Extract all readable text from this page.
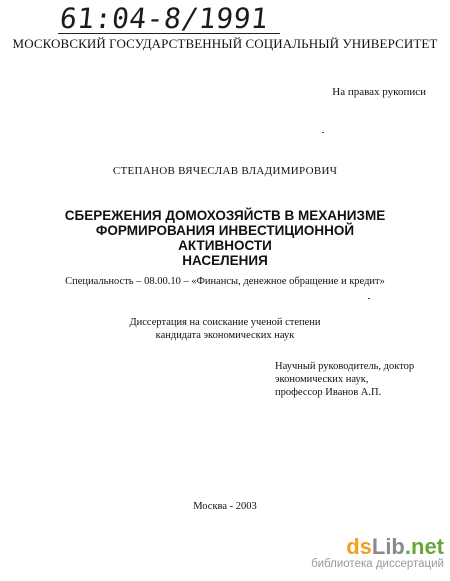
61:04-8/1991
МОСКОВСКИЙ ГОСУДАРСТВЕННЫЙ СОЦИАЛЬНЫЙ УНИВЕРСИТЕТ
На правах рукописи
СТЕПАНОВ ВЯЧЕСЛАВ ВЛАДИМИРОВИЧ
СБЕРЕЖЕНИЯ ДОМОХОЗЯЙСТВ В МЕХАНИЗМЕ
ФОРМИРОВАНИЯ ИНВЕСТИЦИОННОЙ АКТИВНОСТИ
НАСЕЛЕНИЯ
Специальность – 08.00.10 – «Финансы, денежное обращение и кредит»
Диссертация на соискание ученой степени
кандидата экономических наук
Научный руководитель, доктор
экономических наук,
профессор Иванов А.П.
Москва - 2003
dsLib.net
библиотека диссертаций
